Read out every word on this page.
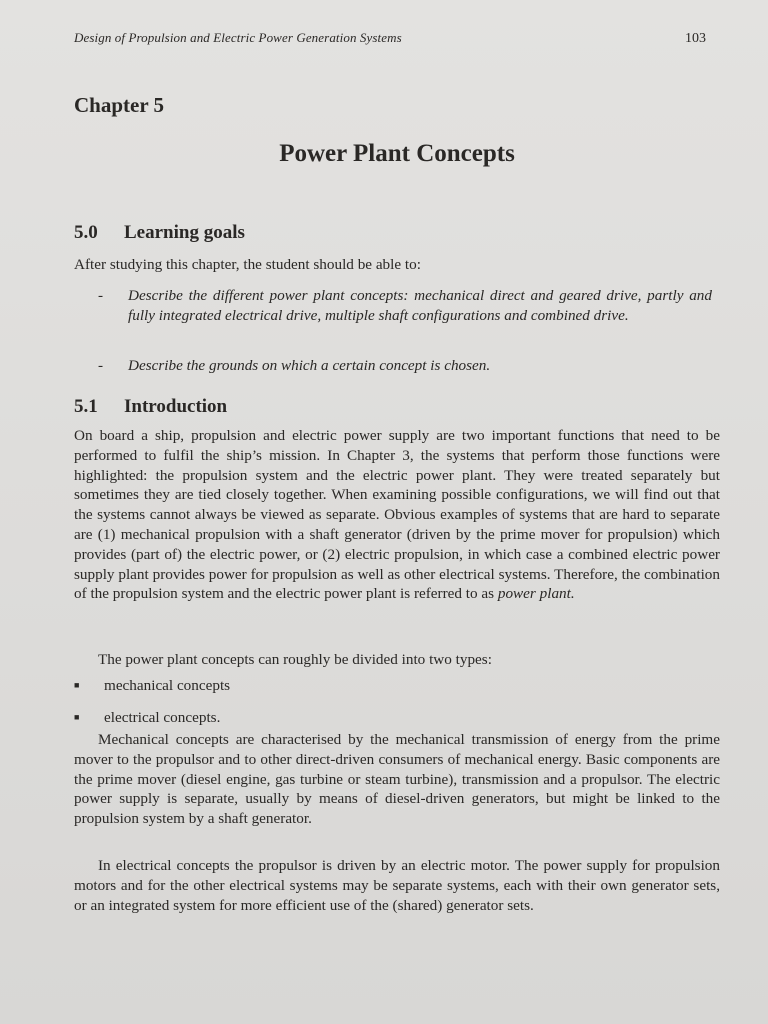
Design of Propulsion and Electric Power Generation Systems	103
Chapter 5
Power Plant Concepts
5.0 Learning goals

After studying this chapter, the student should be able to:

-	Describe the different power plant concepts: mechanical direct and geared drive, partly and fully integrated electrical drive, multiple shaft configurations and combined drive.
-	Describe the grounds on which a certain concept is chosen.
5.1 Introduction

On board a ship, propulsion and electric power supply are two important functions that need to be performed to fulfil the ship’s mission. In Chapter 3, the systems that perform those functions were highlighted: the propulsion system and the electric power plant. They were treated separately but sometimes they are tied closely together. When examining possible configurations, we will find out that the systems cannot always be viewed as separate. Obvious examples of systems that are hard to separate are (1) mechanical propulsion with a shaft generator (driven by the prime mover for propulsion) which provides (part of) the electric power, or (2) electric propulsion, in which case a combined electric power supply plant provides power for propulsion as well as other electrical systems. Therefore, the combination of the propulsion system and the electric power plant is referred to as power plant.

The power plant concepts can roughly be divided into two types:

■	mechanical concepts
■	electrical concepts.

Mechanical concepts are characterised by the mechanical transmission of energy from the prime mover to the propulsor and to other direct-driven consumers of mechanical energy. Basic components are the prime mover (diesel engine, gas turbine or steam turbine), transmission and a propulsor. The electric power supply is separate, usually by means of diesel-driven generators, but might be linked to the propulsion system by a shaft generator.

In electrical concepts the propulsor is driven by an electric motor. The power supply for propulsion motors and for the other electrical systems may be separate systems, each with their own generator sets, or an integrated system for more efficient use of the (shared) generator sets.
